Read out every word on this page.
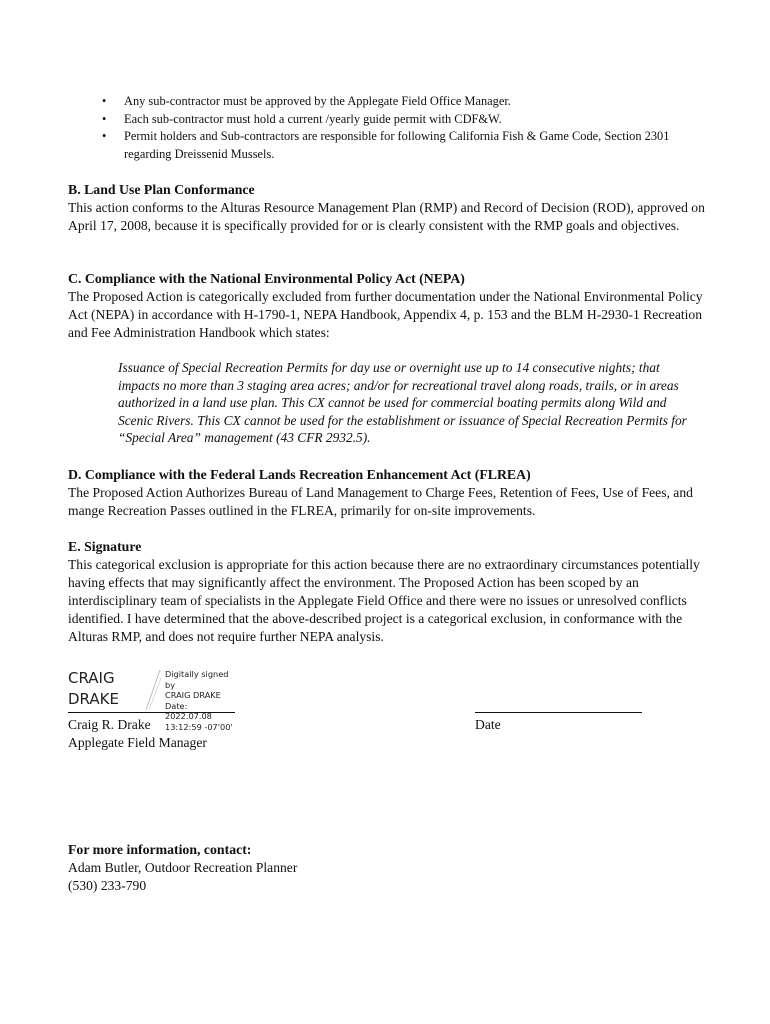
• Any sub-contractor must be approved by the Applegate Field Office Manager.
• Each sub-contractor must hold a current /yearly guide permit with CDF&W.
• Permit holders and Sub-contractors are responsible for following California Fish & Game Code, Section 2301 regarding Dreissenid Mussels.

B. Land Use Plan Conformance

This action conforms to the Alturas Resource Management Plan (RMP) and Record of Decision (ROD), approved on April 17, 2008, because it is specifically provided for or is clearly consistent with the RMP goals and objectives.

C. Compliance with the National Environmental Policy Act (NEPA)

The Proposed Action is categorically excluded from further documentation under the National Environmental Policy Act (NEPA) in accordance with H-1790-1, NEPA Handbook, Appendix 4, p. 153 and the BLM H-2930-1 Recreation and Fee Administration Handbook which states:

Issuance of Special Recreation Permits for day use or overnight use up to 14 consecutive nights; that impacts no more than 3 staging area acres; and/or for recreational travel along roads, trails, or in areas authorized in a land use plan. This CX cannot be used for commercial boating permits along Wild and Scenic Rivers. This CX cannot be used for the establishment or issuance of Special Recreation Permits for “Special Area” management (43 CFR 2932.5).

D. Compliance with the Federal Lands Recreation Enhancement Act (FLREA)

The Proposed Action Authorizes Bureau of Land Management to Charge Fees, Retention of Fees, Use of Fees, and mange Recreation Passes outlined in the FLREA, primarily for on-site improvements.

E. Signature

This categorical exclusion is appropriate for this action because there are no extraordinary circumstances potentially having effects that may significantly affect the environment. The Proposed Action has been scoped by an interdisciplinary team of specialists in the Applegate Field Office and there were no issues or unresolved conflicts identified. I have determined that the above-described project is a categorical exclusion, in conformance with the Alturas RMP, and does not require further NEPA analysis.

CRAIG
DRAKE
Digitally signed by
CRAIG DRAKE
Date: 2022.07.08
13:12:59 -07'00'
Craig R. Drake
Applegate Field Manager
Date
For more information, contact:
Adam Butler, Outdoor Recreation Planner
(530) 233-790
